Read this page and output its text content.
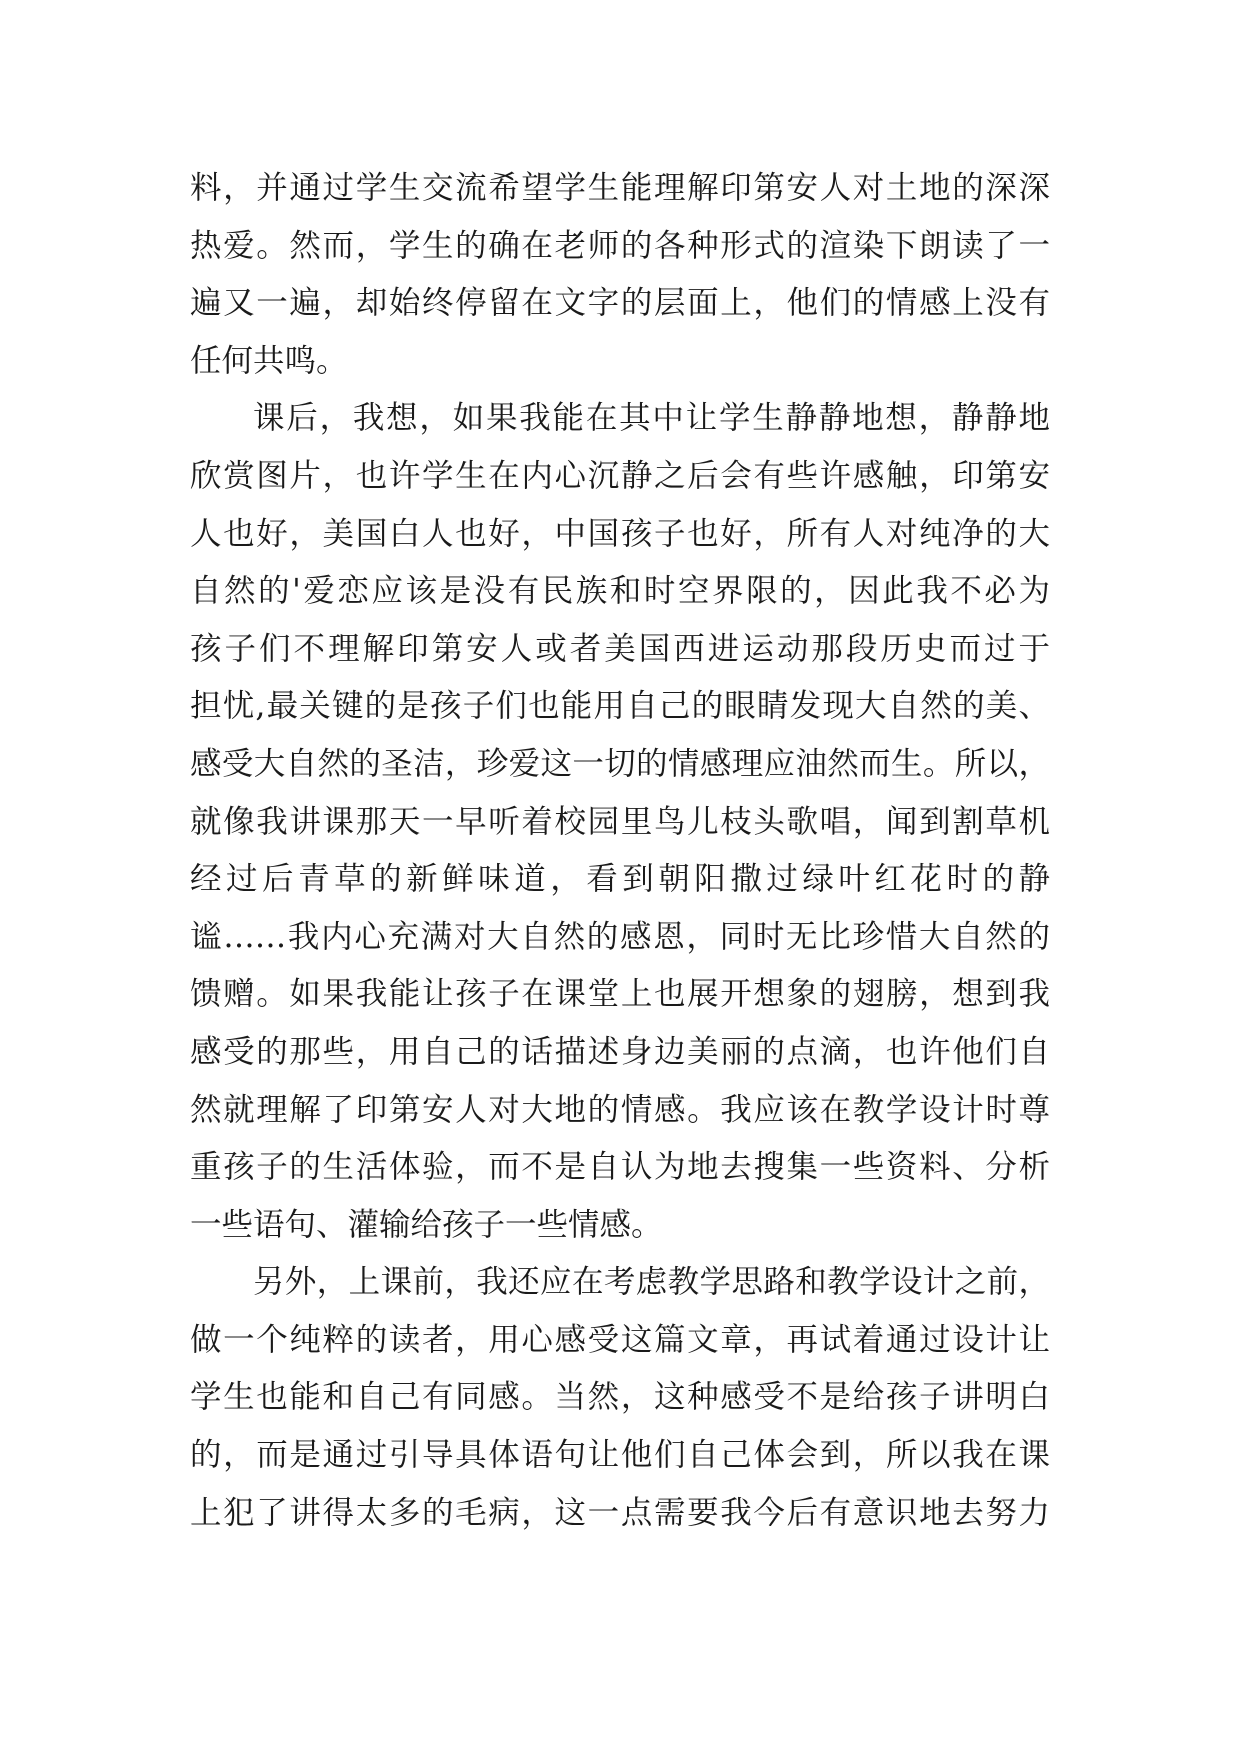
料，并通过学生交流希望学生能理解印第安人对土地的深深
热爱。然而，学生的确在老师的各种形式的渲染下朗读了一
遍又一遍，却始终停留在文字的层面上，他们的情感上没有
任何共鸣。
课后，我想，如果我能在其中让学生静静地想，静静地
欣赏图片，也许学生在内心沉静之后会有些许感触，印第安
人也好，美国白人也好，中国孩子也好，所有人对纯净的大
自然的'爱恋应该是没有民族和时空界限的，因此我不必为
孩子们不理解印第安人或者美国西进运动那段历史而过于
担忧,最关键的是孩子们也能用自己的眼睛发现大自然的美、
感受大自然的圣洁，珍爱这一切的情感理应油然而生。所以，
就像我讲课那天一早听着校园里鸟儿枝头歌唱，闻到割草机
经过后青草的新鲜味道，看到朝阳撒过绿叶红花时的静
谧……我内心充满对大自然的感恩，同时无比珍惜大自然的
馈赠。如果我能让孩子在课堂上也展开想象的翅膀，想到我
感受的那些，用自己的话描述身边美丽的点滴，也许他们自
然就理解了印第安人对大地的情感。我应该在教学设计时尊
重孩子的生活体验，而不是自认为地去搜集一些资料、分析
一些语句、灌输给孩子一些情感。
另外，上课前，我还应在考虑教学思路和教学设计之前，
做一个纯粹的读者，用心感受这篇文章，再试着通过设计让
学生也能和自己有同感。当然，这种感受不是给孩子讲明白
的，而是通过引导具体语句让他们自己体会到，所以我在课
上犯了讲得太多的毛病，这一点需要我今后有意识地去努力
